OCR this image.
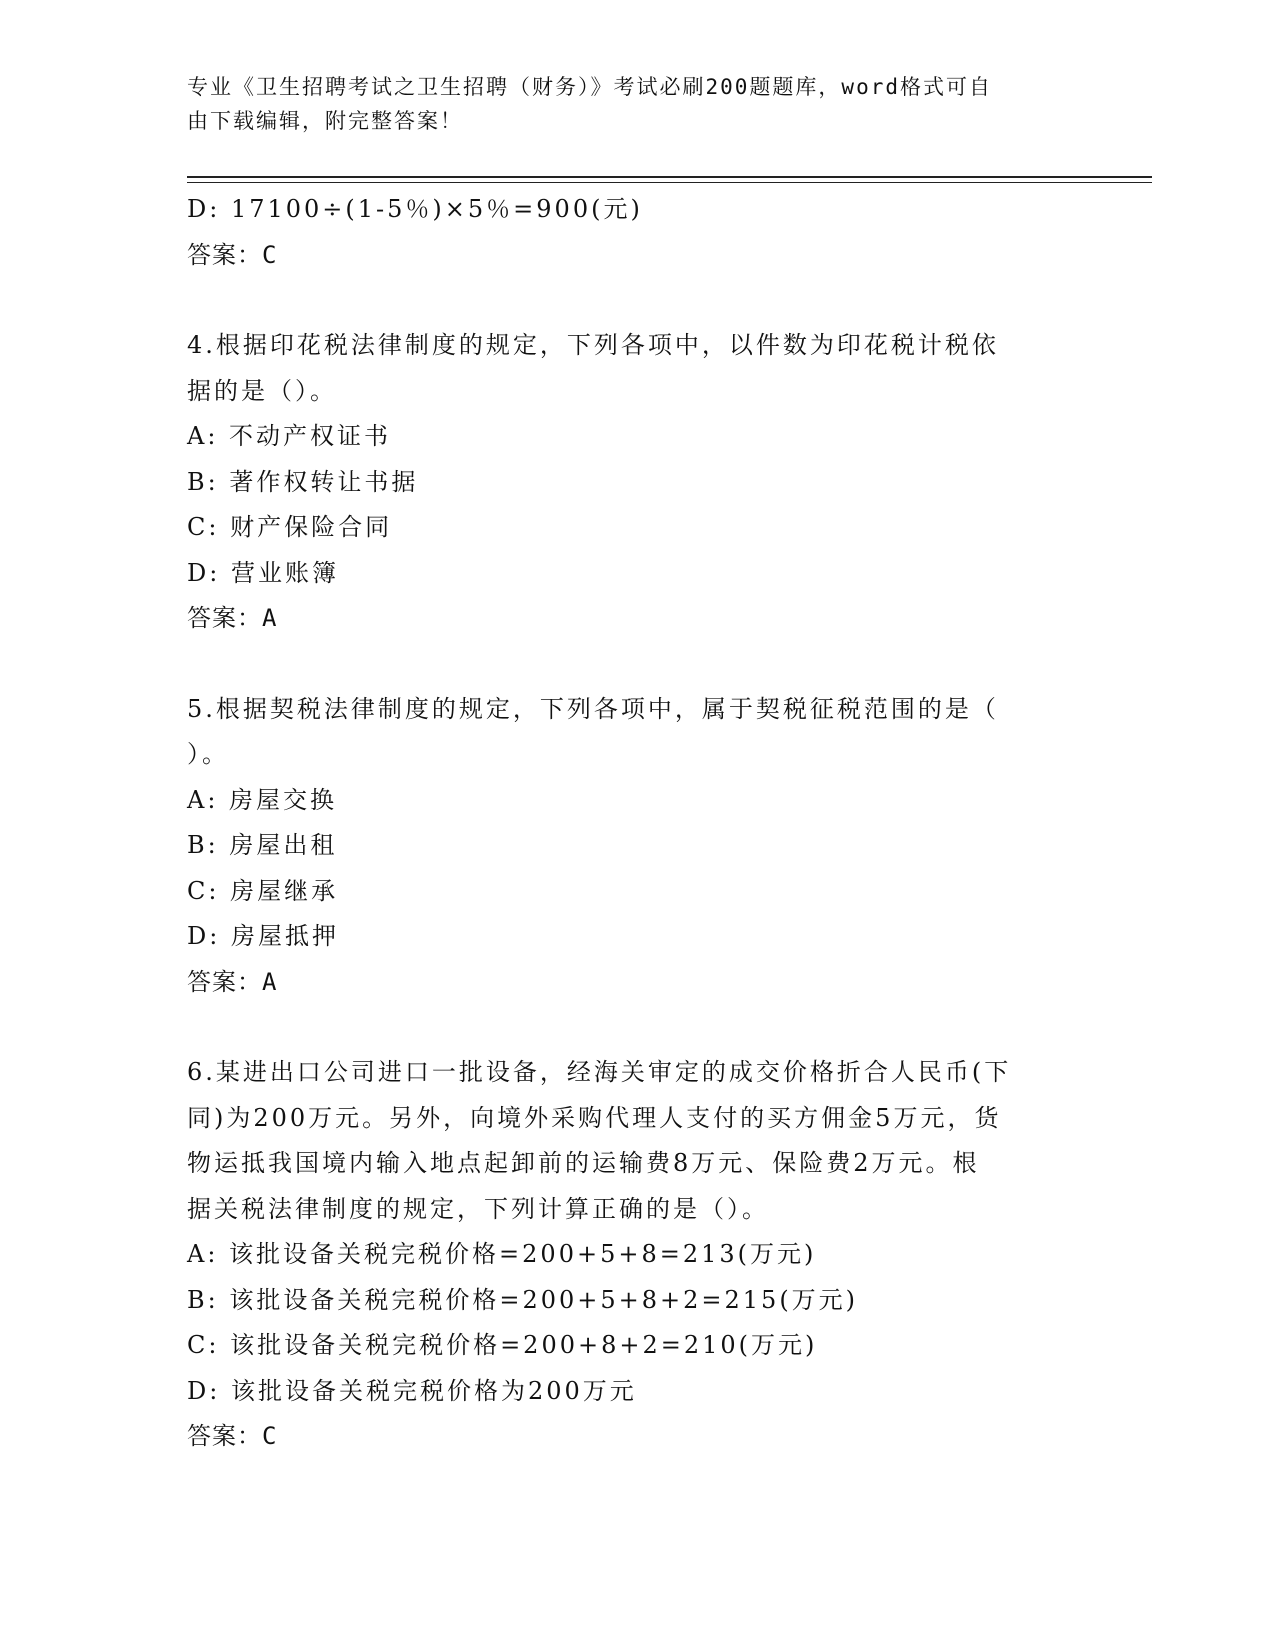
专业《卫生招聘考试之卫生招聘（财务）》考试必刷200题题库，word格式可自
由下载编辑，附完整答案！
D: 17100÷(1-5％)×5％=900(元)
答案：C
4.根据印花税法律制度的规定，下列各项中，以件数为印花税计税依
据的是（）。
A: 不动产权证书
B: 著作权转让书据
C: 财产保险合同
D: 营业账簿
答案：A
5.根据契税法律制度的规定，下列各项中，属于契税征税范围的是（
）。
A: 房屋交换
B: 房屋出租
C: 房屋继承
D: 房屋抵押
答案：A
6.某进出口公司进口一批设备，经海关审定的成交价格折合人民币(下
同)为200万元。另外，向境外采购代理人支付的买方佣金5万元，货
物运抵我国境内输入地点起卸前的运输费8万元、保险费2万元。根
据关税法律制度的规定，下列计算正确的是（）。
A: 该批设备关税完税价格=200+5+8=213(万元)
B: 该批设备关税完税价格=200+5+8+2=215(万元)
C: 该批设备关税完税价格=200+8+2=210(万元)
D: 该批设备关税完税价格为200万元
答案：C
